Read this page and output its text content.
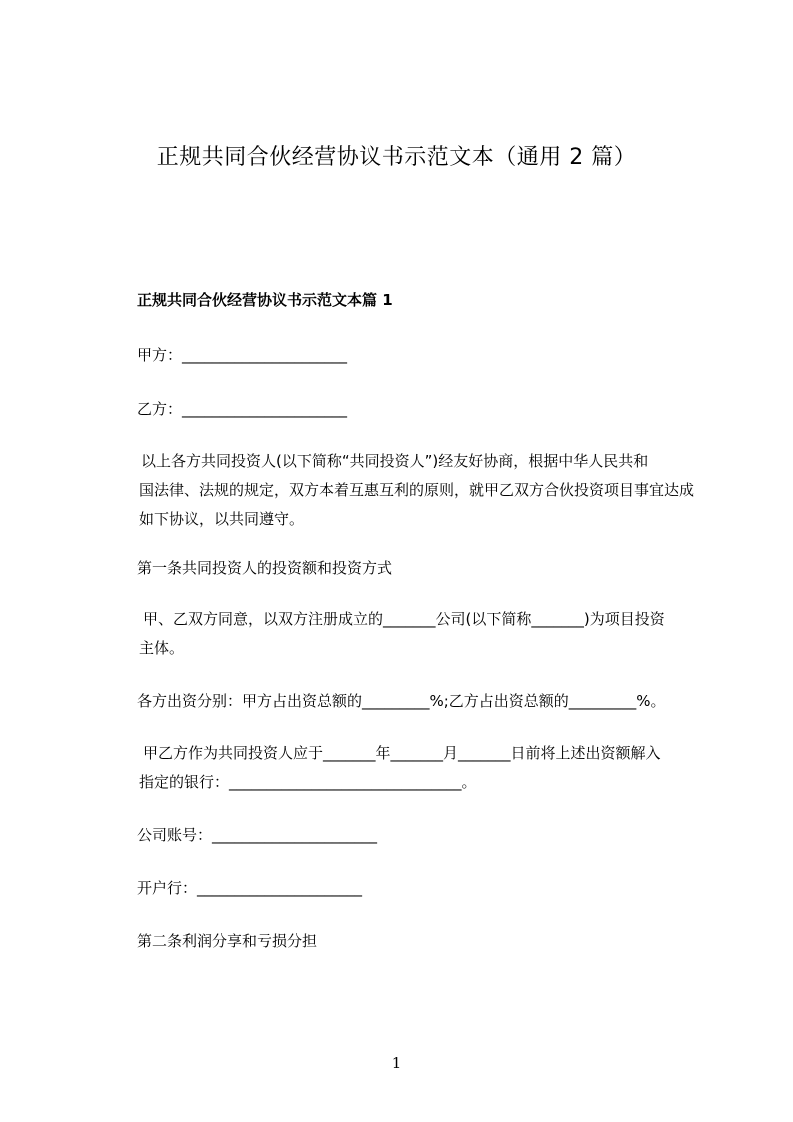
正规共同合伙经营协议书示范文本（通用 2 篇）
正规共同合伙经营协议书示范文本篇 1
甲方：______________________
乙方：______________________
以上各方共同投资人(以下简称“共同投资人”)经友好协商，根据中华人民共和
国法律、法规的规定，双方本着互惠互利的原则，就甲乙双方合伙投资项目事宜达成
如下协议，以共同遵守。
第一条共同投资人的投资额和投资方式
甲、乙双方同意，以双方注册成立的_______公司(以下简称_______)为项目投资
主体。
各方出资分别：甲方占出资总额的_________%;乙方占出资总额的_________%。
甲乙方作为共同投资人应于_______年_______月_______日前将上述出资额解入
指定的银行：_______________________________。
公司账号：______________________
开户行：______________________
第二条利润分享和亏损分担
1
